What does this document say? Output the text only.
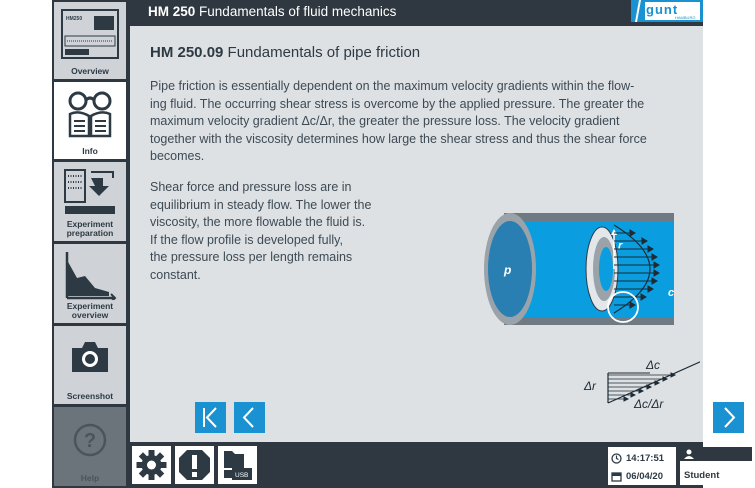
HM250
Overview
Info
Experiment preparation
Experiment overview
Screenshot
?
Help
HM 250 Fundamentals of fluid mechanics	gunt
HAMBURG
HM 250.09 Fundamentals of pipe friction
Pipe friction is essentially dependent on the maximum velocity gradients within the flow-
ing fluid. The occurring shear stress is overcome by the applied pressure. The greater the
maximum velocity gradient Δc/Δr, the greater the pressure loss. The velocity gradient
together with the viscosity determines how large the shear stress and thus the shear force
becomes.
Shear force and pressure loss are in
equilibrium in steady flow. The lower the
viscosity, the more flowable the fluid is.
If the flow profile is developed fully,
the pressure loss per length remains
constant.	p
r
c
Δc
Δr
Δc/Δr
USB
14:17:51
06/04/20 Student
